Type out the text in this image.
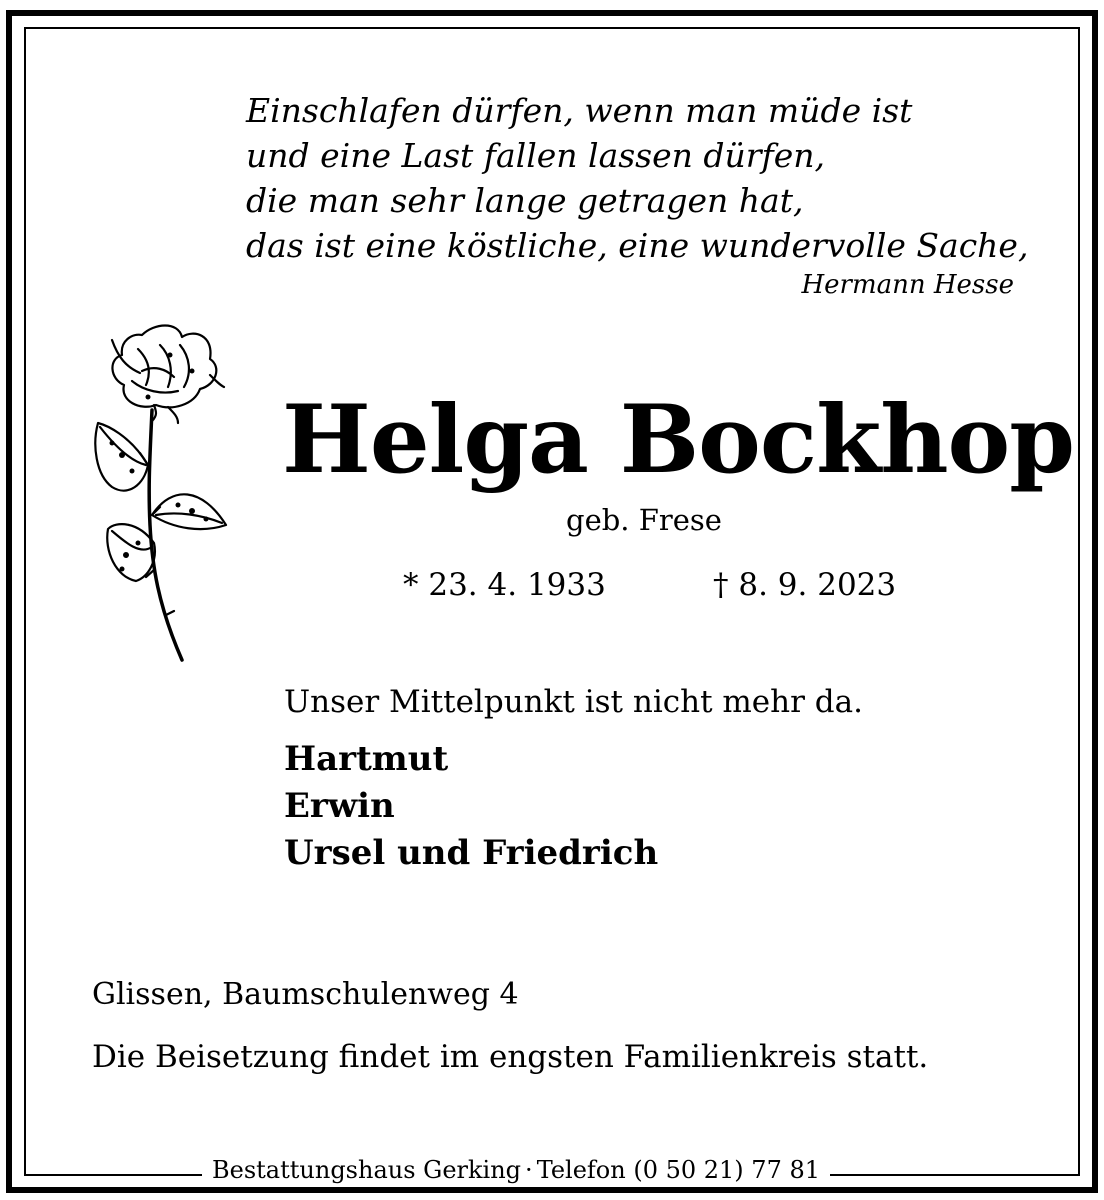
Einschlafen dürfen, wenn man müde ist
und eine Last fallen lassen dürfen,
die man sehr lange getragen hat,
das ist eine köstliche, eine wundervolle Sache,
Hermann Hesse
Helga Bockhop
geb. Frese
* 23. 4. 1933	† 8. 9. 2023
Unser Mittelpunkt ist nicht mehr da.
Hartmut
Erwin
Ursel und Friedrich
Glissen, Baumschulenweg 4
Die Beisetzung findet im engsten Familienkreis statt.
Bestattungshaus Gerking · Telefon (0 50 21) 77 81
